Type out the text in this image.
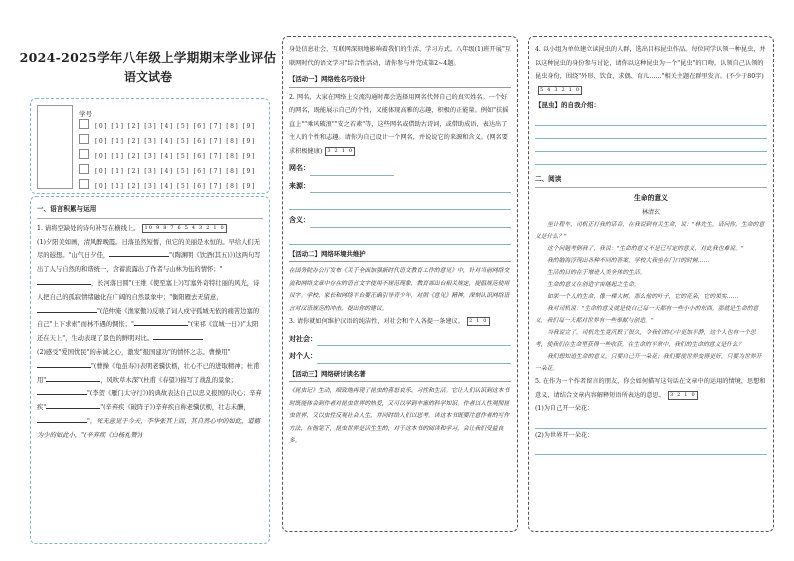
2024-2025学年八年级上学期期末学业评估
语文试卷
学号
[0] [1] [2] [3] [4] [5] [6] [7] [8] [9]
[0] [1] [2] [3] [4] [5] [6] [7] [8] [9]
[0] [1] [2] [3] [4] [5] [6] [7] [8] [9]
[0] [1] [2] [3] [4] [5] [6] [7] [8] [9]
[0] [1] [2] [3] [4] [5] [6] [7] [8] [9]
一、语言积累与运用
1. 请将空缺处的诗句补写在横线上。 10 9 8 7 6 5 4 3 2 1 0
(1)夕阳美如画，清风醉晚霞。日落虽然短暂，但它的美丽是永恒的。早给人们无尽的遐想。"山气日夕佳，	"(陶渊明《饮酒(其五)》)这两句写出了人与自然的和谐统一，含蓄流露出了作者与山林为伍的情怀；"，长河落日圆"(王维《使至塞上》)写塞外奇特壮丽的风光，诗人把自己的孤寂情绪融化在广阔的自然景象中；"衡阳雁去无留意，"(范仲淹《渔家傲》)反映了词人戍守孤城无依的痛苦边塞的自己"上下求索"而林不遇的惆怅；"	"(宋祁《宣城一日》)"太阳还在天上"，生动表现了景色的鲜明对比。
(2)感受"爱国忧民"的赤诚之心，激发"报国建功"的情怀之志。曹操用""(曹操《龟虽寿》)表明老骥伏枥，壮心不已的进取精神；杜甫用"	，风吹草木深"(杜甫《春望》)描写了战乱的景象；"(李贺《雁门太守行》)的典故表达自己以忠义报国的决心；辛弃疾"	"(辛弃疾《破阵子》)辛弃疾自称老骥伏枥，壮志未酬，"，死无意见于今天，李华张其上而，其自然心中的如此，道德为少的如此小，"(辛弃疾《白杨礼赞》)
身处信息社会，互联网深刻地影响着我们的生活、学习方式。八年级(1)班开展"互联网时代的语文学习"综合性活动，请你参与并完成第2~4题。
【活动一】网络姓名巧设计
2. 网名，大家在网络上交流沟通时都会选择用网名代替自己的真实姓名。一个好的网名，既能展示自己的个性，又能体现高雅的志趣，积极的正能量。例如"扶摇直上""乘风破浪""安之若素"等，这些网名或借助古诗词，或借助成语，表达出了主人的个性和志趣。请你为自己设计一个网名，并说说它的来源和含义。(网名要求积极健康) 3 2 1 0
网名：
来源：
含义：
【活动二】网络环境共维护
在国务院办公厅发布《关于全面加强新时代语文教育工作的意见》中，针对当前网络交流和网络文章中存在的语言文字使用不规范现象，教育部出台相关规定，提倡规范使用汉字。学校、家长和网络平台要正确引导青少年，对照《意见》精神，深刻认识网络语言对汉语规范的冲击，提出你的建议。
3. 请你就如何维护汉语的纯洁性，对社会和个人各提一条建议。 2 1 0
对社会：
对个人：
【活动三】网络研讨读名著
《昆虫记》生动，细致地再现了昆虫的喜怒哀乐、习性和生活。它让人们认识到这本书时既能体会到作者对昆虫世界的热爱，又可以学到丰富的科学知识。作者以人性观照昆虫世界，又以虫性反观社会人生，并同时给人们以思考。读这本书既要注意作者的写作方法，在他笔下，昆虫世界是活生生的，对于这本书的阅读和学习，会让我们受益良多。
4. 以小组为单位建立读昆虫的人群，选出目标昆虫作品。每位同学认领一种昆虫，并以这种昆虫的身份参与讨论，请你以这种昆虫为一个"昆虫"的口吻，认领自己认领的昆虫身份，围绕"外形、饮食、求偶、育儿……"相关主题在群里发言。(不少于80字)5 4 3 2 1 0
【昆虫】的自我介绍：
二、阅读
生命的意义
林清玄
坐计程车，司机正打我的话音，在我说到有关生命，说："林先生，请问你，生命的意义是什么？"
这个问题考倒我了，我说："生命的意义不是已写定的意义，对此我也难说。"
我的脑海浮现出各种不同的答案，学校大我坐在门口的时候……
生活的目的在于增进人类全体的生活。
生命的意义在创造宇宙继起之生命。
如果一个人的生命，像一棵大树，那么他的叶子，它的花朵，它的果实……
我对司机说："生命的意义就是使自己每一天都有一些小小的东西，那就是生命的意义，我们每一天都对世界有一些奉献与创造。"
当我说完了，司机先生竟沉默了很久，令我们的心中更加平静，这个人也有一个思考，使我们在生命里获得一些收获，在生命的平常中，我们的生命的意义是什么？
我们想知道生命的意义，只要自己开一朵花；我们要使世界变得更好，只要为世界开一朵花。
5. 在作为一个作者留言的朋友，你会如何描写这句话在文章中的运用的情境，思想和意义，请结合文章内容解释短语所表达的意思。 3 2 1 0
(1)为自己开一朵花：
(2)为世界开一朵花：
